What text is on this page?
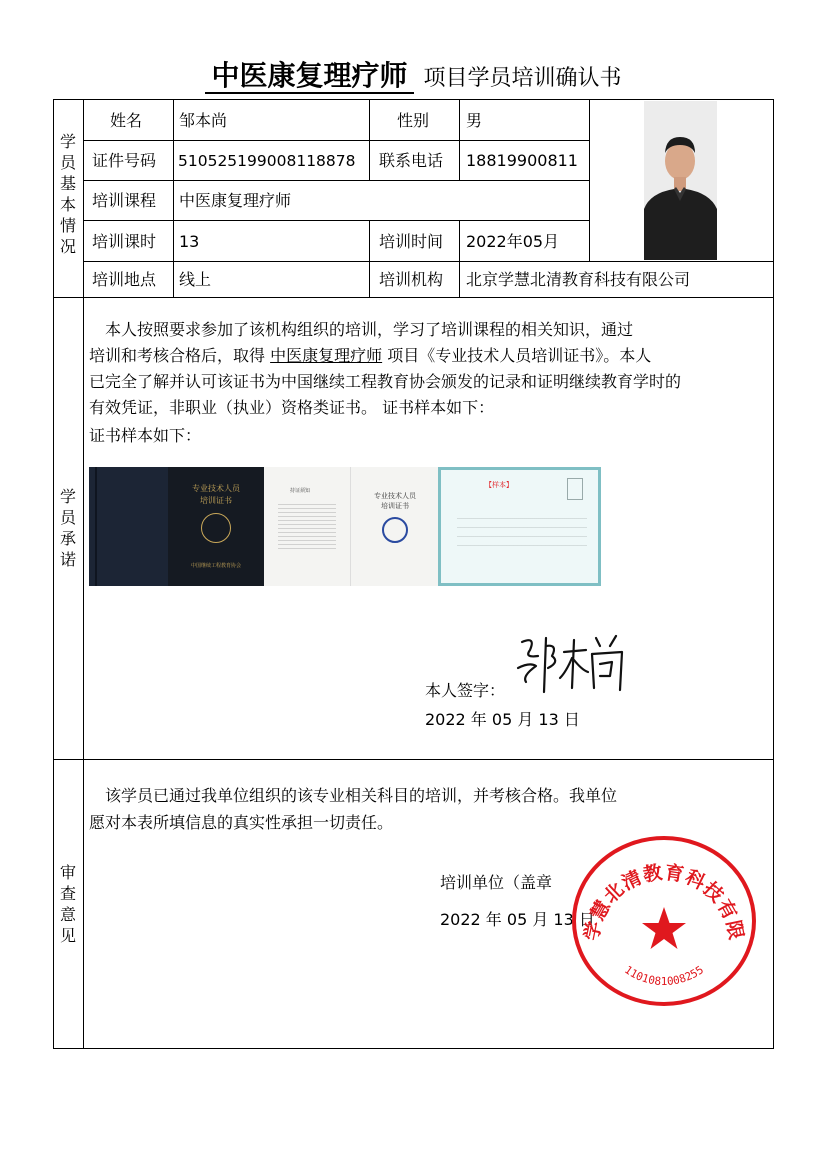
中医康复理疗师 项目学员培训确认书
学员基本情况
姓名 邹本尚	性别 男
证件号码 510525199008118878 联系电话 18819900811
培训课程 中医康复理疗师
培训课时 13	培训时间 2022年05月
培训地点 线上	培训机构 北京学慧北清教育科技有限公司
学员承诺
本人按照要求参加了该机构组织的培训，学习了培训课程的相关知识，通过
培训和考核合格后，取得 中医康复理疗师 项目《专业技术人员培训证书》。本人
已完全了解并认可该证书为中国继续工程教育协会颁发的记录和证明继续教育学时的
有效凭证，非职业（执业）资格类证书。 证书样本如下：
证书样本如下：
专业技术人员
培训证书
中国继续工程教育协会
持证须知
专业技术人员
培训证书
【样本】
本人签字：
2022 年 05 月 13 日
审查意见
该学员已通过我单位组织的该专业相关科目的培训，并考核合格。我单位
愿对本表所填信息的真实性承担一切责任。
培训单位（盖章
2022 年 05 月 13 日
学慧北清教育科技有限
1101081008255
